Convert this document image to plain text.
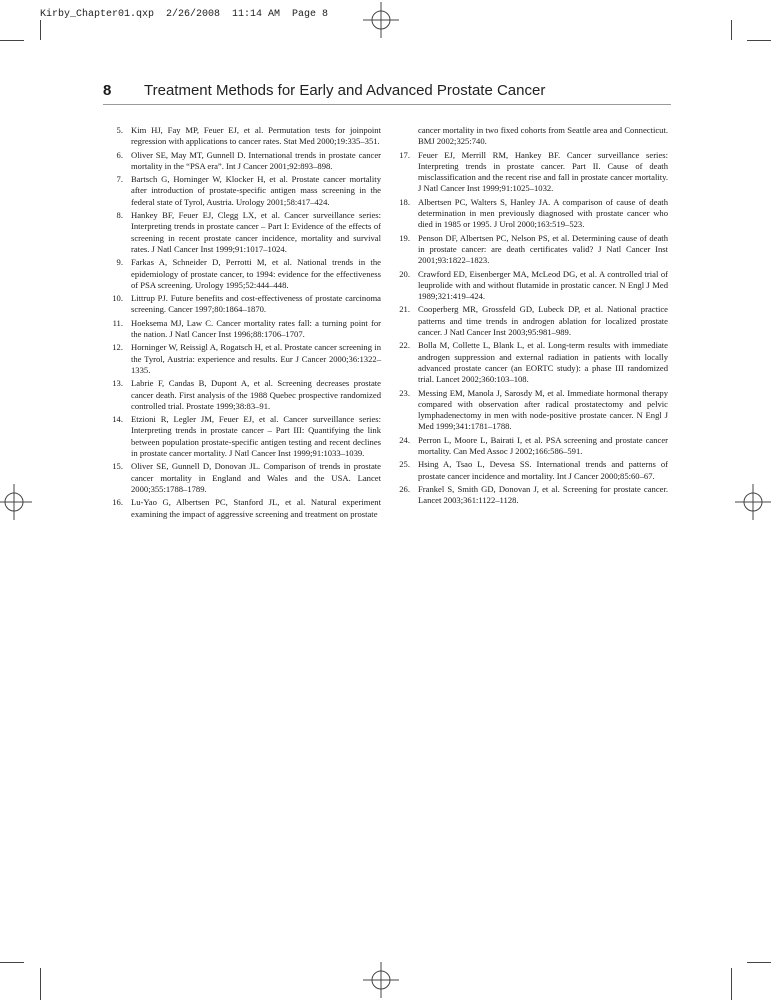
Kirby_Chapter01.qxp  2/26/2008  11:14 AM  Page 8
8 Treatment Methods for Early and Advanced Prostate Cancer

5. Kim HJ, Fay MP, Feuer EJ, et al. Permutation tests for joinpoint regression with applications to cancer rates. Stat Med 2000;19:335–351.

6. Oliver SE, May MT, Gunnell D. International trends in prostate cancer mortality in the “PSA era”. Int J Cancer 2001;92:893–898.

7. Bartsch G, Horninger W, Klocker H, et al. Prostate cancer mortality after introduction of prostate-specific antigen mass screening in the federal state of Tyrol, Austria. Urology 2001;58:417–424.

8. Hankey BF, Feuer EJ, Clegg LX, et al. Cancer surveillance series: Interpreting trends in prostate cancer – Part I: Evidence of the effects of screening in recent prostate cancer incidence, mortality and survival rates. J Natl Cancer Inst 1999;91:1017–1024.

9. Farkas A, Schneider D, Perrotti M, et al. National trends in the epidemiology of prostate cancer, to 1994: evidence for the effectiveness of PSA screening. Urology 1995;52:444–448.

10. Littrup PJ. Future benefits and cost-effectiveness of prostate carcinoma screening. Cancer 1997;80:1864–1870.

11. Hoeksema MJ, Law C. Cancer mortality rates fall: a turning point for the nation. J Natl Cancer Inst 1996;88:1706–1707.

12. Horninger W, Reissigl A, Rogatsch H, et al. Prostate cancer screening in the Tyrol, Austria: experience and results. Eur J Cancer 2000;36:1322–1335.

13. Labrie F, Candas B, Dupont A, et al. Screening decreases prostate cancer death. First analysis of the 1988 Quebec prospective randomized controlled trial. Prostate 1999;38:83–91.

14. Etzioni R, Legler JM, Feuer EJ, et al. Cancer surveillance series: Interpreting trends in prostate cancer – Part III: Quantifying the link between population prostate-specific antigen testing and recent declines in prostate cancer mortality. J Natl Cancer Inst 1999;91:1033–1039.

15. Oliver SE, Gunnell D, Donovan JL. Comparison of trends in prostate cancer mortality in England and Wales and the USA. Lancet 2000;355:1788–1789.

16. Lu-Yao G, Albertsen PC, Stanford JL, et al. Natural experiment examining the impact of aggressive screening and treatment on prostate

cancer mortality in two fixed cohorts from Seattle area and Connecticut. BMJ 2002;325:740.

17. Feuer EJ, Merrill RM, Hankey BF. Cancer surveillance series: Interpreting trends in prostate cancer. Part II. Cause of death misclassification and the recent rise and fall in prostate cancer mortality. J Natl Cancer Inst 1999;91:1025–1032.

18. Albertsen PC, Walters S, Hanley JA. A comparison of cause of death determination in men previously diagnosed with prostate cancer who died in 1985 or 1995. J Urol 2000;163:519–523.

19. Penson DF, Albertsen PC, Nelson PS, et al. Determining cause of death in prostate cancer: are death certificates valid? J Natl Cancer Inst 2001;93:1822–1823.

20. Crawford ED, Eisenberger MA, McLeod DG, et al. A controlled trial of leuprolide with and without flutamide in prostatic cancer. N Engl J Med 1989;321:419–424.

21. Cooperberg MR, Grossfeld GD, Lubeck DP, et al. National practice patterns and time trends in androgen ablation for localized prostate cancer. J Natl Cancer Inst 2003;95:981–989.

22. Bolla M, Collette L, Blank L, et al. Long-term results with immediate androgen suppression and external radiation in patients with locally advanced prostate cancer (an EORTC study): a phase III randomized trial. Lancet 2002;360:103–108.

23. Messing EM, Manola J, Sarosdy M, et al. Immediate hormonal therapy compared with observation after radical prostatectomy and pelvic lymphadenectomy in men with node-positive prostate cancer. N Engl J Med 1999;341:1781–1788.

24. Perron L, Moore L, Bairati I, et al. PSA screening and prostate cancer mortality. Can Med Assoc J 2002;166:586–591.

25. Hsing A, Tsao L, Devesa SS. International trends and patterns of prostate cancer incidence and mortality. Int J Cancer 2000;85:60–67.

26. Frankel S, Smith GD, Donovan J, et al. Screening for prostate cancer. Lancet 2003;361:1122–1128.
